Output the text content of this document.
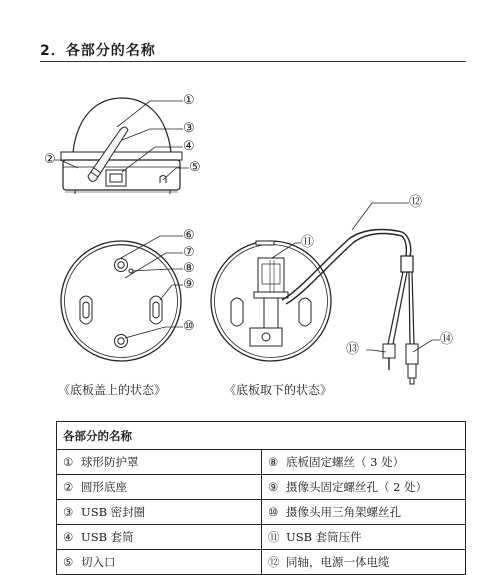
2．各部分的名称
①
②
③
④
⑤
⑥
⑦
⑧
⑨
⑩
⑪
⑫
⑬
⑭
《底板盖上的状态》	《底板取下的状态》
各部分的名称	
① 球形防护罩	⑧ 底板固定螺丝（ 3 处）
② 圆形底座	⑨ 摄像头固定螺丝孔（ 2 处）
③ USB 密封圈	⑩ 摄像头用三角架螺丝孔
④ USB 套筒	⑪ USB 套筒压件
⑤ 切入口	⑫ 同轴，电源一体电缆
